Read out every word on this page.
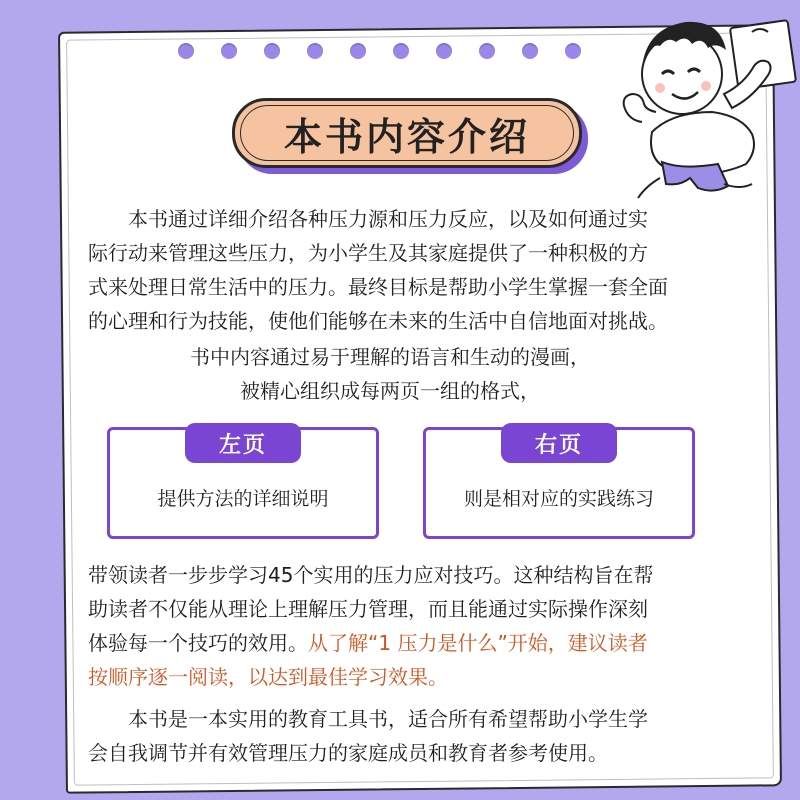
本书内容介绍
本书通过详细介绍各种压力源和压力反应，以及如何通过实
际行动来管理这些压力，为小学生及其家庭提供了一种积极的方
式来处理日常生活中的压力。最终目标是帮助小学生掌握一套全面
的心理和行为技能，使他们能够在未来的生活中自信地面对挑战。
书中内容通过易于理解的语言和生动的漫画，
被精心组织成每两页一组的格式，
左页
提供方法的详细说明
右页
则是相对应的实践练习
带领读者一步步学习45个实用的压力应对技巧。这种结构旨在帮
助读者不仅能从理论上理解压力管理，而且能通过实际操作深刻
体验每一个技巧的效用。从了解“1 压力是什么”开始，建议读者
按顺序逐一阅读，以达到最佳学习效果。
本书是一本实用的教育工具书，适合所有希望帮助小学生学
会自我调节并有效管理压力的家庭成员和教育者参考使用。
